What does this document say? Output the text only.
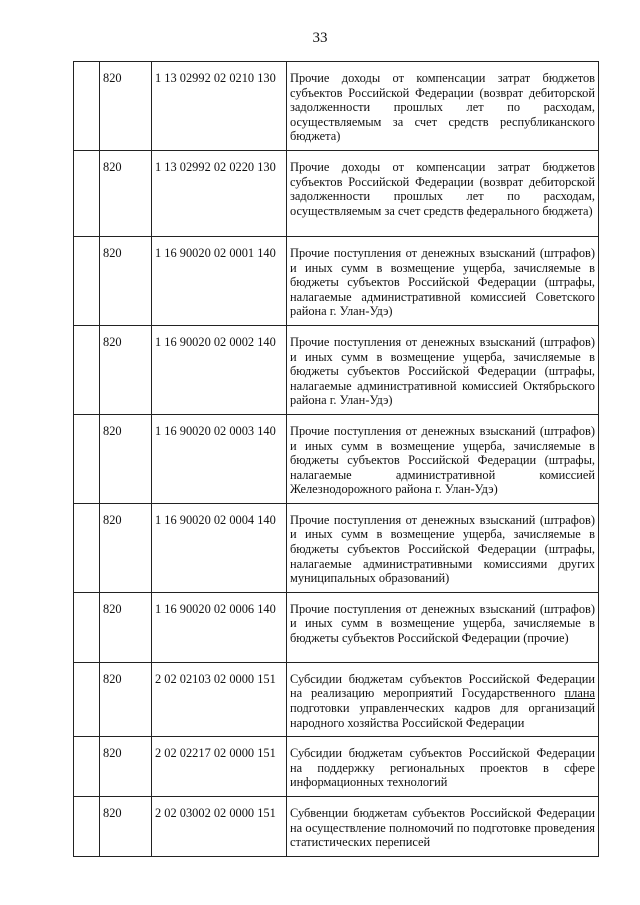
33
	820	1 13 02992 02 0210 130	Прочие доходы от компенсации затрат бюджетов субъектов Российской Федерации (возврат дебиторской задолженности прошлых лет по расходам, осуществляемым за счет средств республиканского бюджета)
	820	1 13 02992 02 0220 130	Прочие доходы от компенсации затрат бюджетов субъектов Российской Федерации (возврат дебиторской задолженности прошлых лет по расходам, осуществляемым за счет средств федерального бюджета)
	820	1 16 90020 02 0001 140	Прочие поступления от денежных взысканий (штрафов) и иных сумм в возмещение ущерба, зачисляемые в бюджеты субъектов Российской Федерации (штрафы, налагаемые административной комиссией Советского района г. Улан-Удэ)
	820	1 16 90020 02 0002 140	Прочие поступления от денежных взысканий (штрафов) и иных сумм в возмещение ущерба, зачисляемые в бюджеты субъектов Российской Федерации (штрафы, налагаемые административной комиссией Октябрьского района г. Улан-Удэ)
	820	1 16 90020 02 0003 140	Прочие поступления от денежных взысканий (штрафов) и иных сумм в возмещение ущерба, зачисляемые в бюджеты субъектов Российской Федерации (штрафы, налагаемые административной комиссией Железнодорожного района г. Улан-Удэ)
	820	1 16 90020 02 0004 140	Прочие поступления от денежных взысканий (штрафов) и иных сумм в возмещение ущерба, зачисляемые в бюджеты субъектов Российской Федерации (штрафы, налагаемые административными комиссиями других муниципальных образований)
	820	1 16 90020 02 0006 140	Прочие поступления от денежных взысканий (штрафов) и иных сумм в возмещение ущерба, зачисляемые в бюджеты субъектов Российской Федерации (прочие)
	820	2 02 02103 02 0000 151	Субсидии бюджетам субъектов Российской Федерации на реализацию мероприятий Государственного плана подготовки управленческих кадров для организаций народного хозяйства Российской Федерации
	820	2 02 02217 02 0000 151	Субсидии бюджетам субъектов Российской Федерации на поддержку региональных проектов в сфере информационных технологий
	820	2 02 03002 02 0000 151	Субвенции бюджетам субъектов Российской Федерации на осуществление полномочий по подготовке проведения статистических переписей
